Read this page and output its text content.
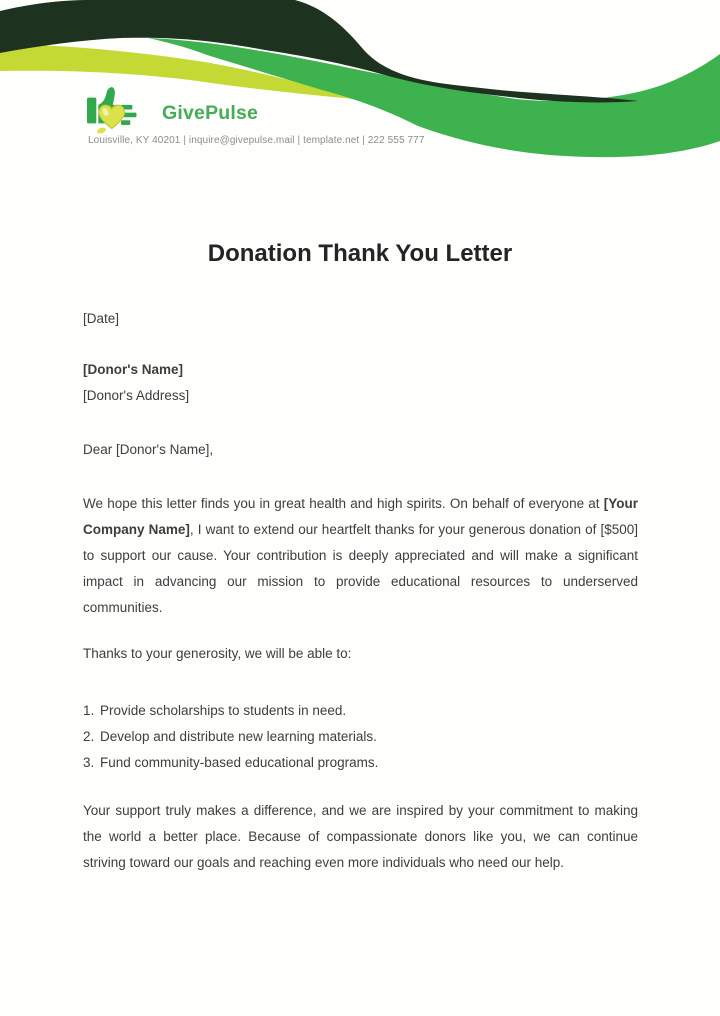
GivePulse
Louisville, KY 40201 | inquire@givepulse.mail | template.net | 222 555 777
Donation Thank You Letter

[Date]

[Donor's Name]

[Donor's Address]

Dear [Donor's Name],

We hope this letter finds you in great health and high spirits. On behalf of everyone at [Your Company Name], I want to extend our heartfelt thanks for your generous donation of [$500] to support our cause. Your contribution is deeply appreciated and will make a significant impact in advancing our mission to provide educational resources to underserved communities.

Thanks to your generosity, we will be able to:

1. Provide scholarships to students in need.
2. Develop and distribute new learning materials.
3. Fund community-based educational programs.

Your support truly makes a difference, and we are inspired by your commitment to making the world a better place. Because of compassionate donors like you, we can continue striving toward our goals and reaching even more individuals who need our help.
